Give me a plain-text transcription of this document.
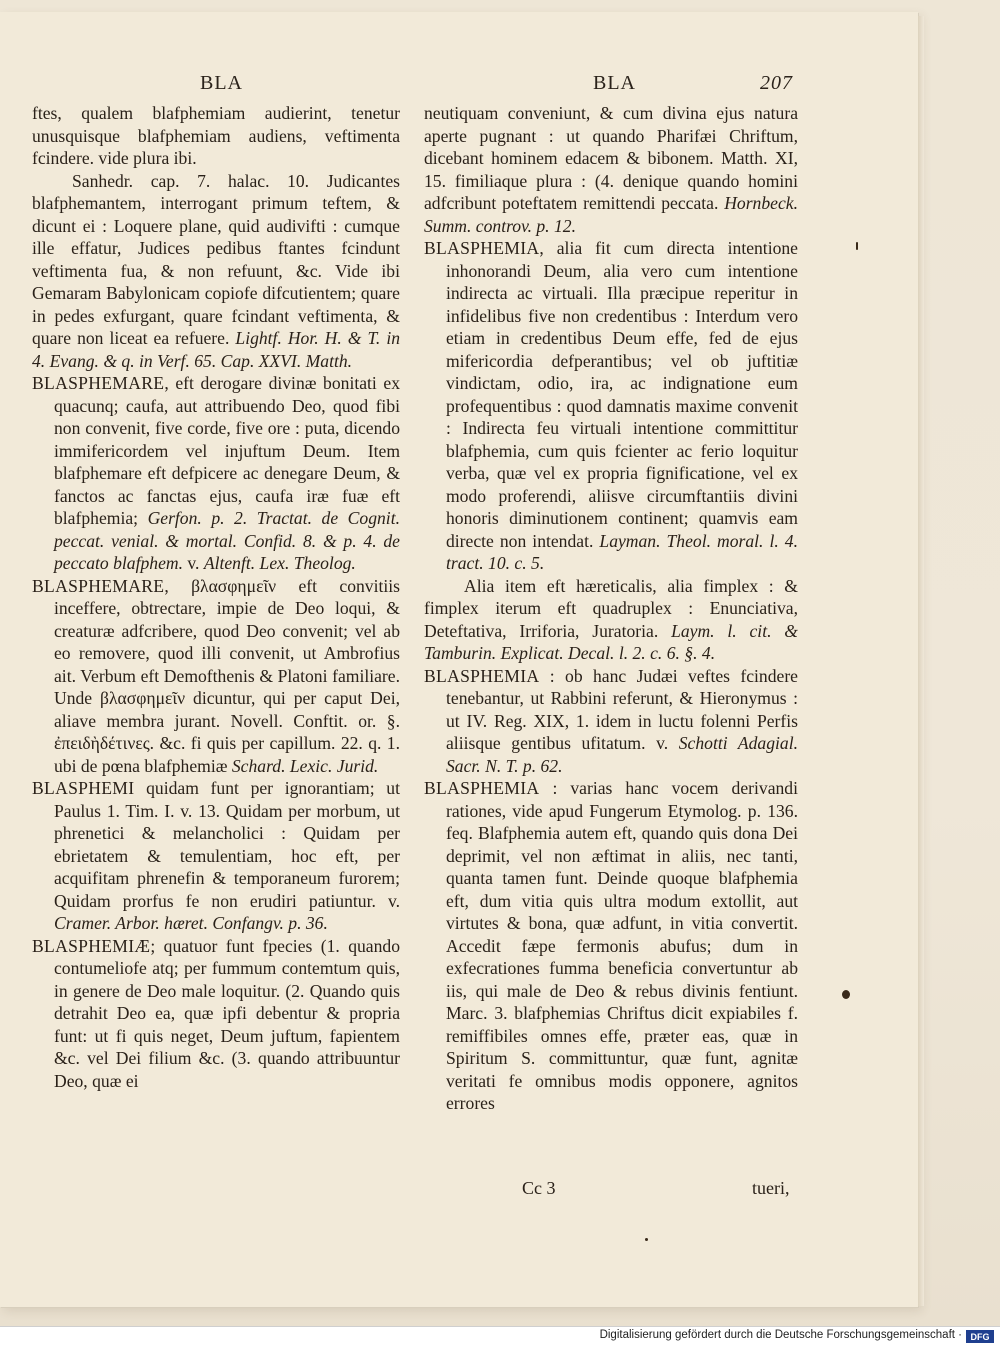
BLA	BLA	207

ftes, qualem blafphemiam audierint, tenetur unusquisque blafphemiam audiens, veftimenta fcindere. vide plura ibi.

Sanhedr. cap. 7. halac. 10. Judicantes blafphemantem, interrogant primum teftem, & dicunt ei : Loquere plane, quid audivifti : cumque ille effatur, Judices pedibus ftantes fcindunt veftimenta fua, & non refuunt, &c. Vide ibi Gemaram Babylonicam copiofe difcutientem; quare in pedes exfurgant, quare fcindant veftimenta, & quare non liceat ea refuere. Lightf. Hor. H. & T. in 4. Evang. & q. in Verf. 65. Cap. XXVI. Matth.

BLASPHEMARE, eft derogare divinæ bonitati ex quacunq; caufa, aut attribuendo Deo, quod fibi non convenit, five corde, five ore : puta, dicendo immifericordem vel injuftum Deum. Item blafphemare eft defpicere ac denegare Deum, & fanctos ac fanctas ejus, caufa iræ fuæ eft blafphemia; Gerfon. p. 2. Tractat. de Cognit. peccat. venial. & mortal. Confid. 8. & p. 4. de peccato blafphem. v. Altenft. Lex. Theolog.

BLASPHEMARE, βλασφημεῖν eft convitiis inceffere, obtrectare, impie de Deo loqui, & creaturæ adfcribere, quod Deo convenit; vel ab eo removere, quod illi convenit, ut Ambrofius ait. Verbum eft Demofthenis & Platoni familiare. Unde βλασφημεῖν dicuntur, qui per caput Dei, aliave membra jurant. Novell. Conftit. or. §. ἐπειδὴδέτινες. &c. fi quis per capillum. 22. q. 1. ubi de pœna blafphemiæ Schard. Lexic. Jurid.

BLASPHEMI quidam funt per ignorantiam; ut Paulus 1. Tim. I. v. 13. Quidam per morbum, ut phrenetici & melancholici : Quidam per ebrietatem & temulentiam, hoc eft, per acquifitam phrenefin & temporaneum furorem; Quidam prorfus fe non erudiri patiuntur. v. Cramer. Arbor. hæret. Confangv. p. 36.

BLASPHEMIÆ; quatuor funt fpecies (1. quando contumeliofe atq; per fummum contemtum quis, in genere de Deo male loquitur. (2. Quando quis detrahit Deo ea, quæ ipfi debentur & propria funt: ut fi quis neget, Deum juftum, fapientem &c. vel Dei filium &c. (3. quando attribuuntur Deo, quæ ei

neutiquam conveniunt, & cum divina ejus natura aperte pugnant : ut quando Pharifæi Chriftum, dicebant hominem edacem & bibonem. Matth. XI, 15. fimiliaque plura : (4. denique quando homini adfcribunt poteftatem remittendi peccata. Hornbeck. Summ. controv. p. 12.

BLASPHEMIA, alia fit cum directa intentione inhonorandi Deum, alia vero cum intentione indirecta ac virtuali. Illa præcipue reperitur in infidelibus five non credentibus : Interdum vero etiam in credentibus Deum effe, fed de ejus mifericordia defperantibus; vel ob juftitiæ vindictam, odio, ira, ac indignatione eum profequentibus : quod damnatis maxime convenit : Indirecta feu virtuali intentione committitur blafphemia, cum quis fcienter ac ferio loquitur verba, quæ vel ex propria fignificatione, vel ex modo proferendi, aliisve circumftantiis divini honoris diminutionem continent; quamvis eam directe non intendat. Layman. Theol. moral. l. 4. tract. 10. c. 5.

Alia item eft hæreticalis, alia fimplex : & fimplex iterum eft quadruplex : Enunciativa, Deteftativa, Irriforia, Juratoria. Laym. l. cit. & Tamburin. Explicat. Decal. l. 2. c. 6. §. 4.

BLASPHEMIA : ob hanc Judæi veftes fcindere tenebantur, ut Rabbini referunt, & Hieronymus : ut IV. Reg. XIX, 1. idem in luctu folenni Perfis aliisque gentibus ufitatum. v. Schotti Adagial. Sacr. N. T. p. 62.

BLASPHEMIA : varias hanc vocem derivandi rationes, vide apud Fungerum Etymolog. p. 136. feq. Blafphemia autem eft, quando quis dona Dei deprimit, vel non æftimat in aliis, nec tanti, quanta tamen funt. Deinde quoque blafphemia eft, dum vitia quis ultra modum extollit, aut virtutes & bona, quæ adfunt, in vitia convertit. Accedit fæpe fermonis abufus; dum in exfecrationes fumma beneficia convertuntur ab iis, qui male de Deo & rebus divinis fentiunt. Marc. 3. blafphemias Chriftus dicit expiabiles f. remiffibiles omnes effe, præter eas, quæ in Spiritum S. committuntur, quæ funt, agnitæ veritati fe omnibus modis opponere, agnitos errores

Cc 3	tueri,
Digitalisierung gefördert durch die Deutsche Forschungsgemeinschaft · DFG
